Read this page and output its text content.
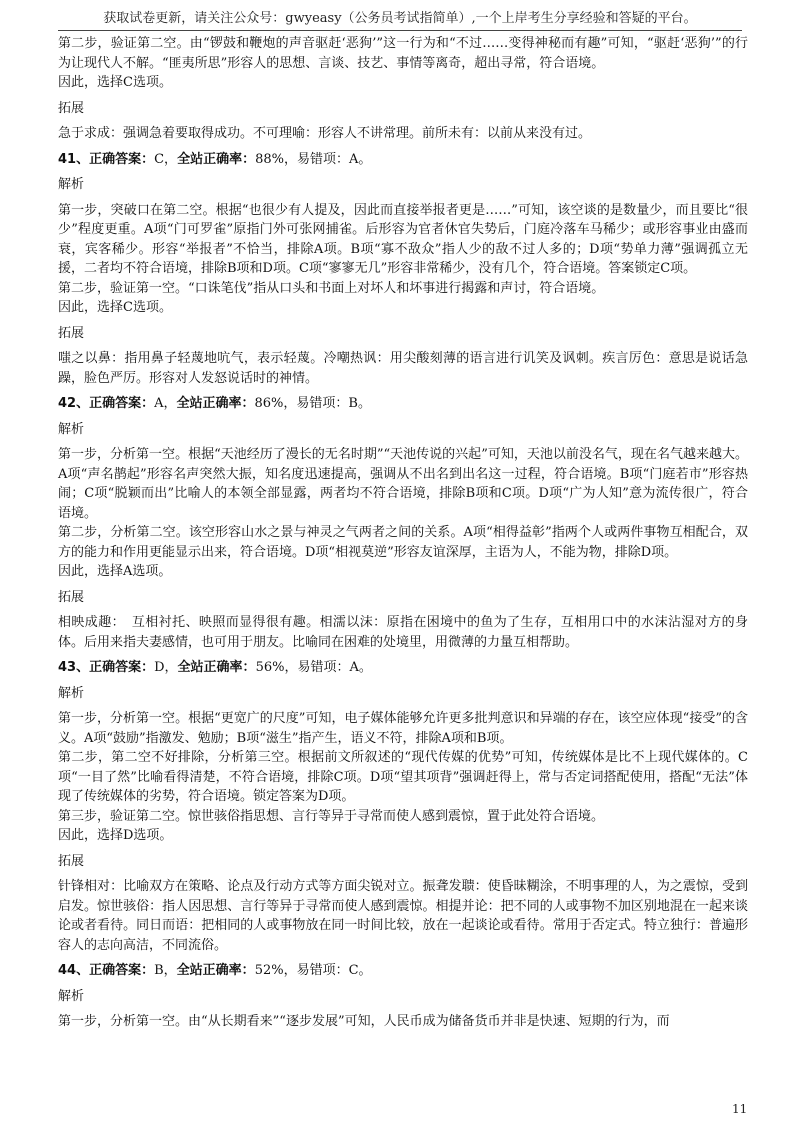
获取试卷更新，请关注公众号：gwyeasy（公务员考试指简单）,一个上岸考生分享经验和答疑的平台。

第二步，验证第二空。由“锣鼓和鞭炮的声音驱赶‘恶狗’”这一行为和“不过……变得神秘而有趣”可知，“驱赶‘恶狗’”的行为让现代人不解。“匪夷所思”形容人的思想、言谈、技艺、事情等离奇，超出寻常，符合语境。

因此，选择C选项。

拓展

急于求成：强调急着要取得成功。不可理喻：形容人不讲常理。前所未有：以前从来没有过。

41、正确答案：C，全站正确率：88%，易错项：A。

解析

第一步，突破口在第二空。根据“也很少有人提及，因此而直接举报者更是……”可知，该空谈的是数量少，而且要比“很少”程度更重。A项“门可罗雀”原指门外可张网捕雀。后形容为官者休官失势后，门庭冷落车马稀少；或形容事业由盛而衰，宾客稀少。形容“举报者”不恰当，排除A项。B项“寡不敌众”指人少的敌不过人多的；D项“势单力薄”强调孤立无援，二者均不符合语境，排除B项和D项。C项“寥寥无几”形容非常稀少，没有几个，符合语境。答案锁定C项。

第二步，验证第一空。“口诛笔伐”指从口头和书面上对坏人和坏事进行揭露和声讨，符合语境。

因此，选择C选项。

拓展

嗤之以鼻：指用鼻子轻蔑地吭气，表示轻蔑。冷嘲热讽：用尖酸刻薄的语言进行讥笑及讽刺。疾言厉色：意思是说话急躁，脸色严厉。形容对人发怒说话时的神情。

42、正确答案：A，全站正确率：86%，易错项：B。

解析

第一步，分析第一空。根据“天池经历了漫长的无名时期”“天池传说的兴起”可知，天池以前没名气，现在名气越来越大。A项“声名鹊起”形容名声突然大振，知名度迅速提高，强调从不出名到出名这一过程，符合语境。B项“门庭若市”形容热闹；C项“脱颖而出”比喻人的本领全部显露，两者均不符合语境，排除B项和C项。D项“广为人知”意为流传很广，符合语境。

第二步，分析第二空。该空形容山水之景与神灵之气两者之间的关系。A项“相得益彰”指两个人或两件事物互相配合，双方的能力和作用更能显示出来，符合语境。D项“相视莫逆”形容友谊深厚，主语为人，不能为物，排除D项。

因此，选择A选项。

拓展

相映成趣：　互相衬托、映照而显得很有趣。相濡以沫：原指在困境中的鱼为了生存，互相用口中的水沫沾湿对方的身体。后用来指夫妻感情，也可用于朋友。比喻同在困难的处境里，用微薄的力量互相帮助。

43、正确答案：D，全站正确率：56%，易错项：A。

解析

第一步，分析第一空。根据“更宽广的尺度”可知，电子媒体能够允许更多批判意识和异端的存在，该空应体现“接受”的含义。A项“鼓励”指激发、勉励；B项“滋生”指产生，语义不符，排除A项和B项。

第二步，第二空不好排除，分析第三空。根据前文所叙述的“现代传媒的优势”可知，传统媒体是比不上现代媒体的。C项“一目了然”比喻看得清楚，不符合语境，排除C项。D项“望其项背”强调赶得上，常与否定词搭配使用，搭配“无法”体现了传统媒体的劣势，符合语境。锁定答案为D项。

第三步，验证第二空。惊世骇俗指思想、言行等异于寻常而使人感到震惊，置于此处符合语境。

因此，选择D选项。

拓展

针锋相对：比喻双方在策略、论点及行动方式等方面尖锐对立。振聋发聩：使昏昧糊涂，不明事理的人，为之震惊，受到启发。惊世骇俗：指人因思想、言行等异于寻常而使人感到震惊。相提并论：把不同的人或事物不加区别地混在一起来谈论或者看待。同日而语：把相同的人或事物放在同一时间比较，放在一起谈论或看待。常用于否定式。特立独行：普遍形容人的志向高洁，不同流俗。

44、正确答案：B，全站正确率：52%，易错项：C。

解析

第一步，分析第一空。由“从长期看来”“逐步发展”可知，人民币成为储备货币并非是快速、短期的行为，而

11
